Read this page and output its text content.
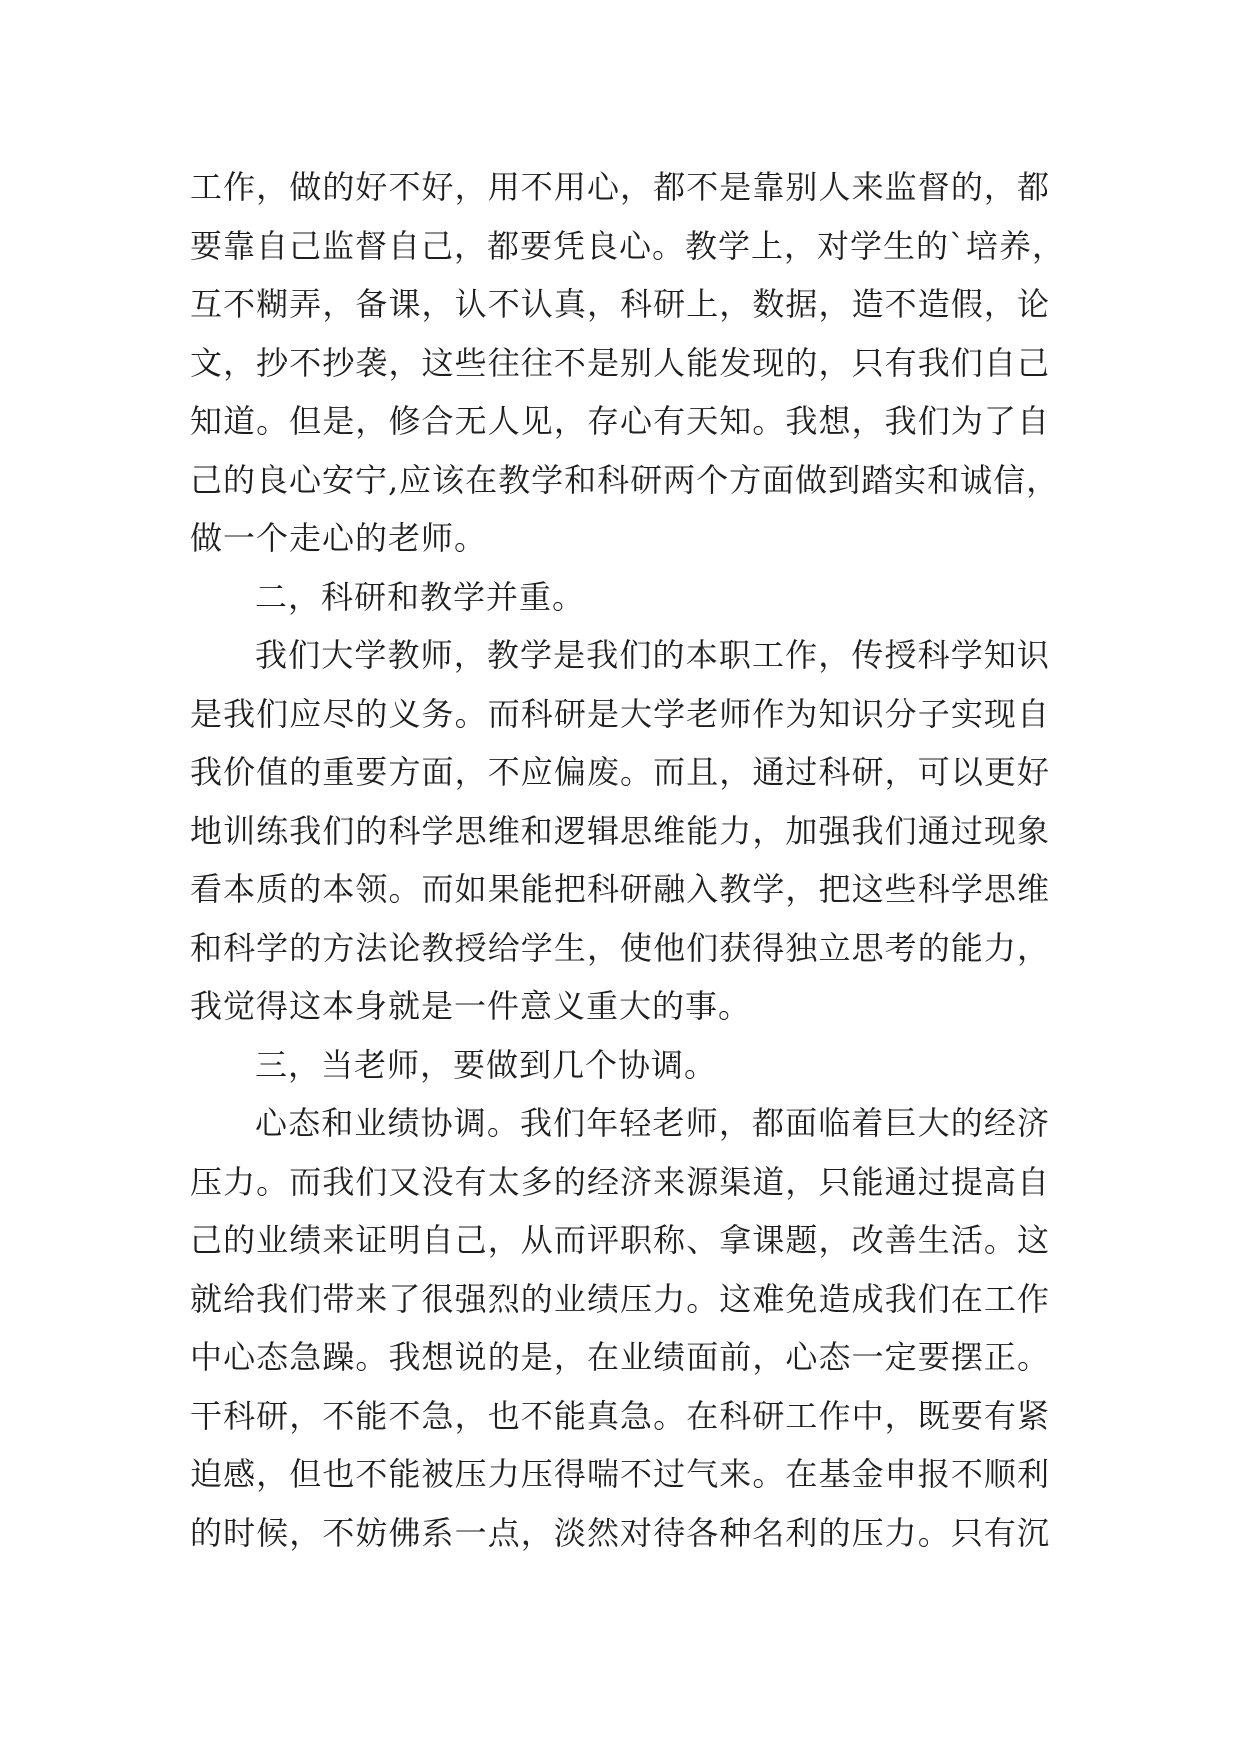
工作，做的好不好，用不用心，都不是靠别人来监督的，都
要靠自己监督自己，都要凭良心。教学上，对学生的`培养，
互不糊弄，备课，认不认真，科研上，数据，造不造假，论
文，抄不抄袭，这些往往不是别人能发现的，只有我们自己
知道。但是，修合无人见，存心有天知。我想，我们为了自
己的良心安宁,应该在教学和科研两个方面做到踏实和诚信，
做一个走心的老师。
二，科研和教学并重。
我们大学教师，教学是我们的本职工作，传授科学知识
是我们应尽的义务。而科研是大学老师作为知识分子实现自
我价值的重要方面，不应偏废。而且，通过科研，可以更好
地训练我们的科学思维和逻辑思维能力，加强我们通过现象
看本质的本领。而如果能把科研融入教学，把这些科学思维
和科学的方法论教授给学生，使他们获得独立思考的能力，
我觉得这本身就是一件意义重大的事。
三，当老师，要做到几个协调。
心态和业绩协调。我们年轻老师，都面临着巨大的经济
压力。而我们又没有太多的经济来源渠道，只能通过提高自
己的业绩来证明自己，从而评职称、拿课题，改善生活。这
就给我们带来了很强烈的业绩压力。这难免造成我们在工作
中心态急躁。我想说的是，在业绩面前，心态一定要摆正。
干科研，不能不急，也不能真急。在科研工作中，既要有紧
迫感，但也不能被压力压得喘不过气来。在基金申报不顺利
的时候，不妨佛系一点，淡然对待各种名利的压力。只有沉
